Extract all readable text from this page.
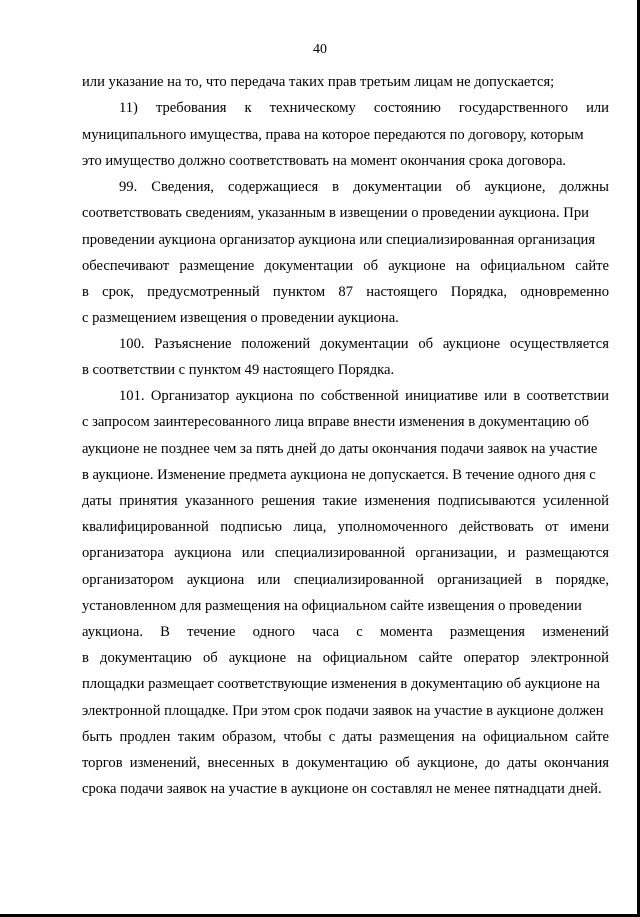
40
или указание на то, что передача таких прав третьим лицам не допускается;
11) требования к техническому состоянию государственного или
муниципального имущества, права на которое передаются по договору, которым
это имущество должно соответствовать на момент окончания срока договора.
99. Сведения, содержащиеся в документации об аукционе, должны
соответствовать сведениям, указанным в извещении о проведении аукциона. При
проведении аукциона организатор аукциона или специализированная организация
обеспечивают размещение документации об аукционе на официальном сайте
в срок, предусмотренный пунктом 87 настоящего Порядка, одновременно
с размещением извещения о проведении аукциона.
100. Разъяснение положений документации об аукционе осуществляется
в соответствии с пунктом 49 настоящего Порядка.
101. Организатор аукциона по собственной инициативе или в соответствии
с запросом заинтересованного лица вправе внести изменения в документацию об
аукционе не позднее чем за пять дней до даты окончания подачи заявок на участие
в аукционе. Изменение предмета аукциона не допускается. В течение одного дня с
даты принятия указанного решения такие изменения подписываются усиленной
квалифицированной подписью лица, уполномоченного действовать от имени
организатора аукциона или специализированной организации, и размещаются
организатором аукциона или специализированной организацией в порядке,
установленном для размещения на официальном сайте извещения о проведении
аукциона. В течение одного часа с момента размещения изменений
в документацию об аукционе на официальном сайте оператор электронной
площадки размещает соответствующие изменения в документацию об аукционе на
электронной площадке. При этом срок подачи заявок на участие в аукционе должен
быть продлен таким образом, чтобы с даты размещения на официальном сайте
торгов изменений, внесенных в документацию об аукционе, до даты окончания
срока подачи заявок на участие в аукционе он составлял не менее пятнадцати дней.
